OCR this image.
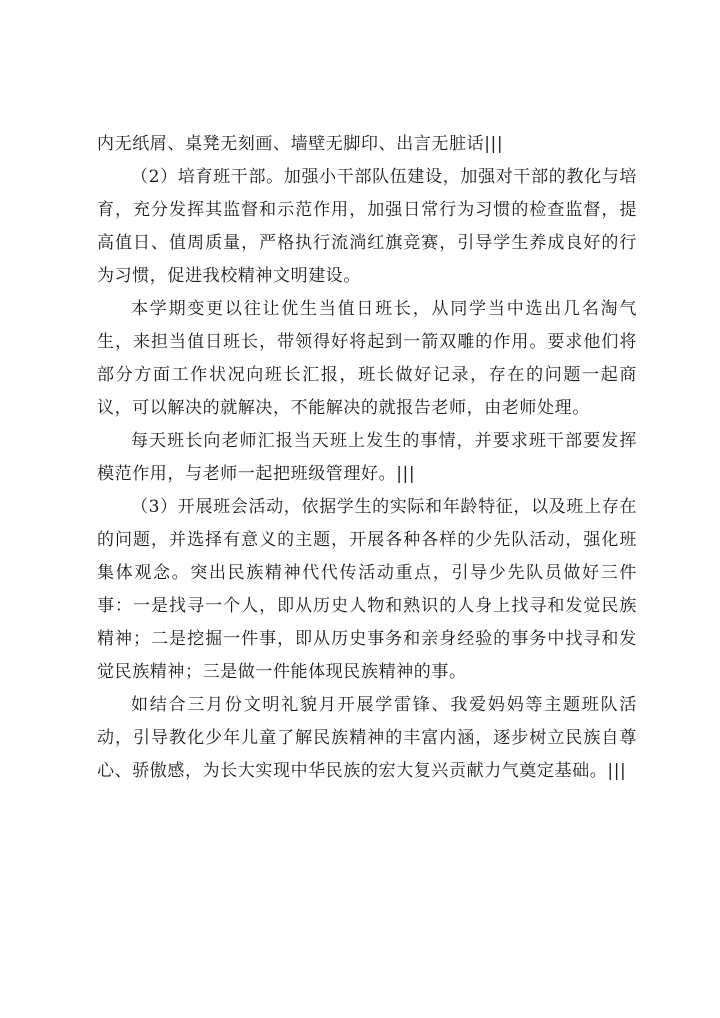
内无纸屑、桌凳无刻画、墙壁无脚印、出言无脏话|||

（2）培育班干部。加强小干部队伍建设，加强对干部的教化与培育，充分发挥其监督和示范作用，加强日常行为习惯的检查监督，提高值日、值周质量，严格执行流淌红旗竞赛，引导学生养成良好的行为习惯，促进我校精神文明建设。

本学期变更以往让优生当值日班长，从同学当中选出几名淘气生，来担当值日班长，带领得好将起到一箭双雕的作用。要求他们将部分方面工作状况向班长汇报，班长做好记录，存在的问题一起商议，可以解决的就解决，不能解决的就报告老师，由老师处理。

每天班长向老师汇报当天班上发生的事情，并要求班干部要发挥模范作用，与老师一起把班级管理好。|||

（3）开展班会活动，依据学生的实际和年龄特征，以及班上存在的问题，并选择有意义的主题，开展各种各样的少先队活动，强化班集体观念。突出民族精神代代传活动重点，引导少先队员做好三件事：一是找寻一个人，即从历史人物和熟识的人身上找寻和发觉民族精神；二是挖掘一件事，即从历史事务和亲身经验的事务中找寻和发觉民族精神；三是做一件能体现民族精神的事。

如结合三月份文明礼貌月开展学雷锋、我爱妈妈等主题班队活动，引导教化少年儿童了解民族精神的丰富内涵，逐步树立民族自尊心、骄傲感，为长大实现中华民族的宏大复兴贡献力气奠定基础。|||
